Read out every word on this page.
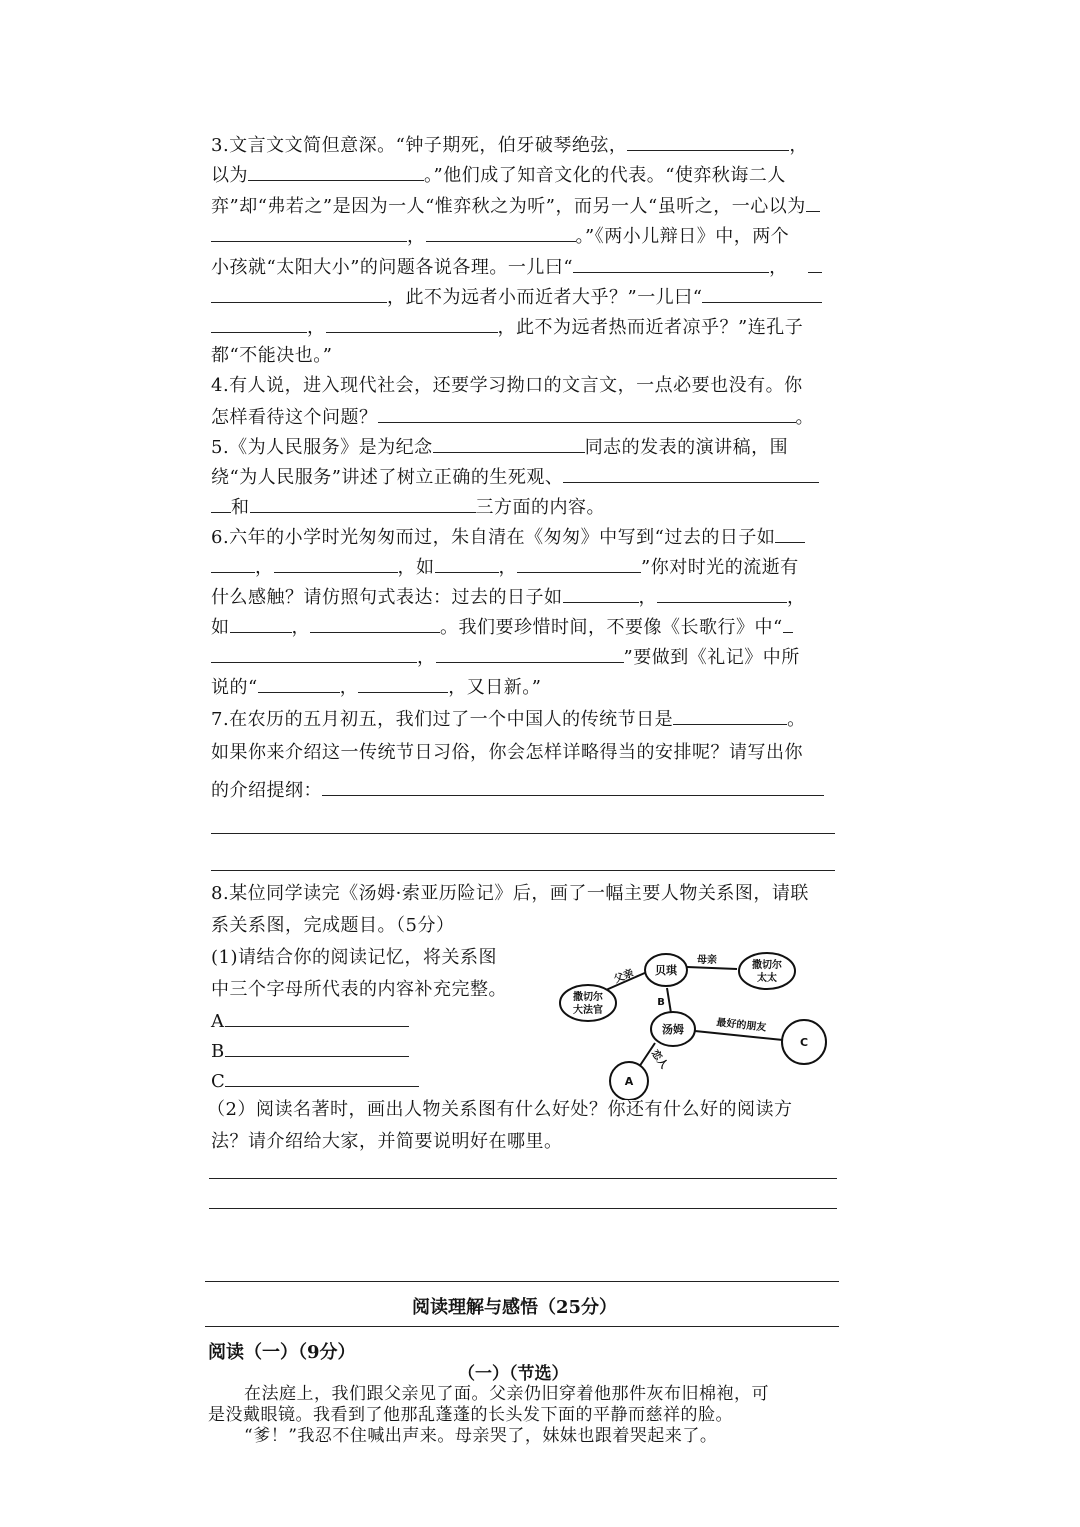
3.文言文文简但意深。“钟子期死，伯牙破琴绝弦，	，
以为	。”他们成了知音文化的代表。“使弈秋诲二人
弈”却“弗若之”是因为一人“惟弈秋之为听”，而另一人“虽听之，一心以为
，	。”《两小儿辩日》中，两个
小孩就“太阳大小”的问题各说各理。一儿曰“	，
，此不为远者小而近者大乎？”一儿曰“
，	，此不为远者热而近者凉乎？”连孔子
都“不能决也。”
4.有人说，进入现代社会，还要学习拗口的文言文，一点必要也没有。你
怎样看待这个问题？	。
5.《为人民服务》是为纪念	同志的发表的演讲稿，围
绕“为人民服务”讲述了树立正确的生死观、
和	三方面的内容。
6.六年的小学时光匆匆而过，朱自清在《匆匆》中写到“过去的日子如
，	，如	，	”你对时光的流逝有
什么感触？请仿照句式表达：过去的日子如	，	，
如	，	。我们要珍惜时间，不要像《长歌行》中“
，	”要做到《礼记》中所
说的“	，	，又日新。”
7.在农历的五月初五，我们过了一个中国人的传统节日是	。
如果你来介绍这一传统节日习俗，你会怎样详略得当的安排呢？请写出你
的介绍提纲：
8.某位同学读完《汤姆·索亚历险记》后，画了一幅主要人物关系图，请联
系关系图，完成题目。（5分）
(1)请结合你的阅读记忆，将关系图
中三个字母所代表的内容补充完整。
A
B
C
撒切尔
大法官
贝琪	撒切尔
太太
汤姆
C
A
父亲
母亲
B
最好的朋友
恋人
（2）阅读名著时，画出人物关系图有什么好处？你还有什么好的阅读方
法？请介绍给大家，并简要说明好在哪里。
阅读理解与感悟（25分）
阅读（一）（9分）
（一）（节选）
在法庭上，我们跟父亲见了面。父亲仍旧穿着他那件灰布旧棉袍，可
是没戴眼镜。我看到了他那乱蓬蓬的长头发下面的平静而慈祥的脸。
“爹！”我忍不住喊出声来。母亲哭了，妹妹也跟着哭起来了。
